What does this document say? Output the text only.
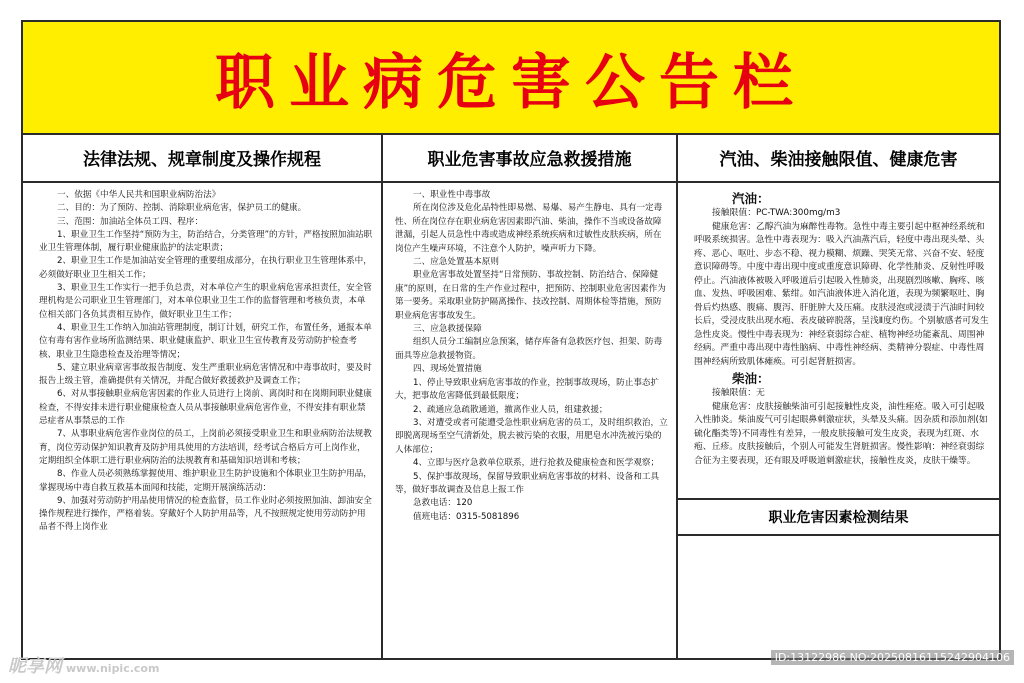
职业病危害公告栏
法律法规、规章制度及操作规程

一、依据《中华人民共和国职业病防治法》

二、目的：为了预防、控制、消除职业病危害，保护员工的健康。

三、范围：加油站全体员工四、程序：

1、职业卫生工作坚持“预防为主，防治结合，分类管理”的方针，严格按照加油站职业卫生管理体制，履行职业健康监护的法定职责；

2、职业卫生工作是加油站安全管理的重要组成部分，在执行职业卫生管理体系中，必须做好职业卫生相关工作；

3、职业卫生工作实行一把手负总责，对本单位产生的职业病危害承担责任，安全管理机构是公司职业卫生管理部门，对本单位职业卫生工作的监督管理和考核负责，本单位相关部门各负其责相互协作，做好职业卫生工作；

4、职业卫生工作纳入加油站管理制度，制订计划，研究工作，布置任务，通报本单位有毒有害作业场所监测结果、职业健康监护、职业卫生宣传教育及劳动防护检查考核、职业卫生隐患检查及治理等情况；

5、建立职业病章害事故报告制度、发生严重职业病危害情况和中毒事故时，要及时报告上级主管，准确提供有关情况，并配合做好救援救护及调查工作；

6、对从事接触职业病危害因素的作业人员进行上岗前、离岗时和在岗期间职业健康检查，不得安排未进行职业健康检查人员从事接触职业病危害作业，不得安排有职业禁忌症者从事禁忌的工作

7、从事职业病危害作业岗位的员工，上岗前必须接受职业卫生和职业病防治法规教育，岗位劳动保护知识教育及防护用具使用的方法培训，经考试合格后方可上岗作业，定期组织全体职工进行职业病防治的法规教育和基础知识培训和考核；

8、作业人员必须熟练掌握使用、维护职业卫生防护设施和个体职业卫生防护用品，掌握现场中毒自救互救基本面闻和技能，定期开展演练活动：

9、加强对劳动防护用品使用情况的检查监督，员工作业时必须按照加油、卸油安全操作规程进行操作，严格着装。穿戴好个人防护用品等，凡不按照规定使用劳动防护用品者不得上岗作业

职业危害事故应急救援措施

一、职业性中毒事故

所在岗位涉及危化品特性即易燃、易爆、易产生静电、具有一定毒性、所在岗位存在职业病危害因素即汽油、柴油，操作不当或设备故障泄漏，引起人员急性中毒或造成神经系统疾病和过敏性皮肤疾病，所在岗位产生噪声环境，不注意个人防护，噪声听力下降。

二、应急处置基本原则

职业危害事故处置坚持“日常预防、事故控制、防治结合、保障健康”的原则，在日常的生产作业过程中，把预防、控制职业危害因素作为第一要务。采取职业防护隔离操作、技改控制、周期体检等措施，预防职业病危害事故发生。

三、应急救援保障

组织人员分工编制应急预案，储存库备有急救医疗包、担架、防毒面具等应急救援物资。

四、现场处置措施

1、停止导致职业病危害事故的作业，控制事故现场，防止事态扩大，把事故危害降低到最低限度；

2、疏通应急疏散通道，撤离作业人员，组建救援；

3、对遭受或者可能遭受急性职业病危害的员工，及时组织救治，立即脱离现场至空气清新处，脱去被污染的衣服，用肥皂水冲洗被污染的人体部位；

4、立即与医疗急救单位联系，进行抢救及健康检查和医学观察；

5、保护事故现场，保留导致职业病危害事故的材料、设备和工具等，做好事故调查及信息上报工作

急救电话：120

值班电话：0315-5081896

汽油、柴油接触限值、健康危害
汽油：

接触限值：PC-TWA:300mg/m3

健康危害：乙醇汽油为麻醉性毒物。急性中毒主要引起中枢神经系统和呼吸系统损害。急性中毒表现为：吸入汽油蒸汽后，轻度中毒出现头晕、头疼、恶心、呕吐、步态不稳、视力模糊、烦躁、哭笑无常、兴奋不安、轻度意识障碍等。中度中毒出现中度或重度意识障碍、化学性肺炎、反射性呼吸停止。汽油液体被吸入呼吸道后引起吸入性肺炎，出现剧烈咳嗽、胸疼、咳血、发热、呼吸困难、紫绀。如汽油液体进入消化道，表现为频繁呕吐、胸骨后灼热感、腹痛、腹泻、肝脏肿大及压痛。皮肤浸泡或浸渍于汽油时间较长后，受浸皮肤出现水疱、表皮破碎脱落，呈浅Ⅱ度灼伤。个别敏感者可发生急性皮炎。慢性中毒表现为：神经衰弱综合症、植物神经功能紊乱、周围神经病。严重中毒出现中毒性脑病、中毒性神经病、类精神分裂症、中毒性周围神经病所致肌体瘫痪。可引起肾脏损害。

柴油：

接触限值：无

健康危害：皮肤接触柴油可引起接触性皮炎，油性痤疮。吸入可引起吸入性肺炎。柴油废气可引起眼鼻刺激症状，头晕及头痛。因杂质和添加剂(如硫化酯类等)不同毒性有差异，一般皮肤接触可发生皮炎，表现为红斑、水疱、丘疹。皮肤接触后，个别人可能发生肾脏损害。慢性影响：神经衰弱综合征为主要表现，还有眼及呼吸道刺激症状，接触性皮炎，皮肤干燥等。

职业危害因素检测结果
昵享网 www.nipic.com
ID:13122986 NO:20250816115242904106
